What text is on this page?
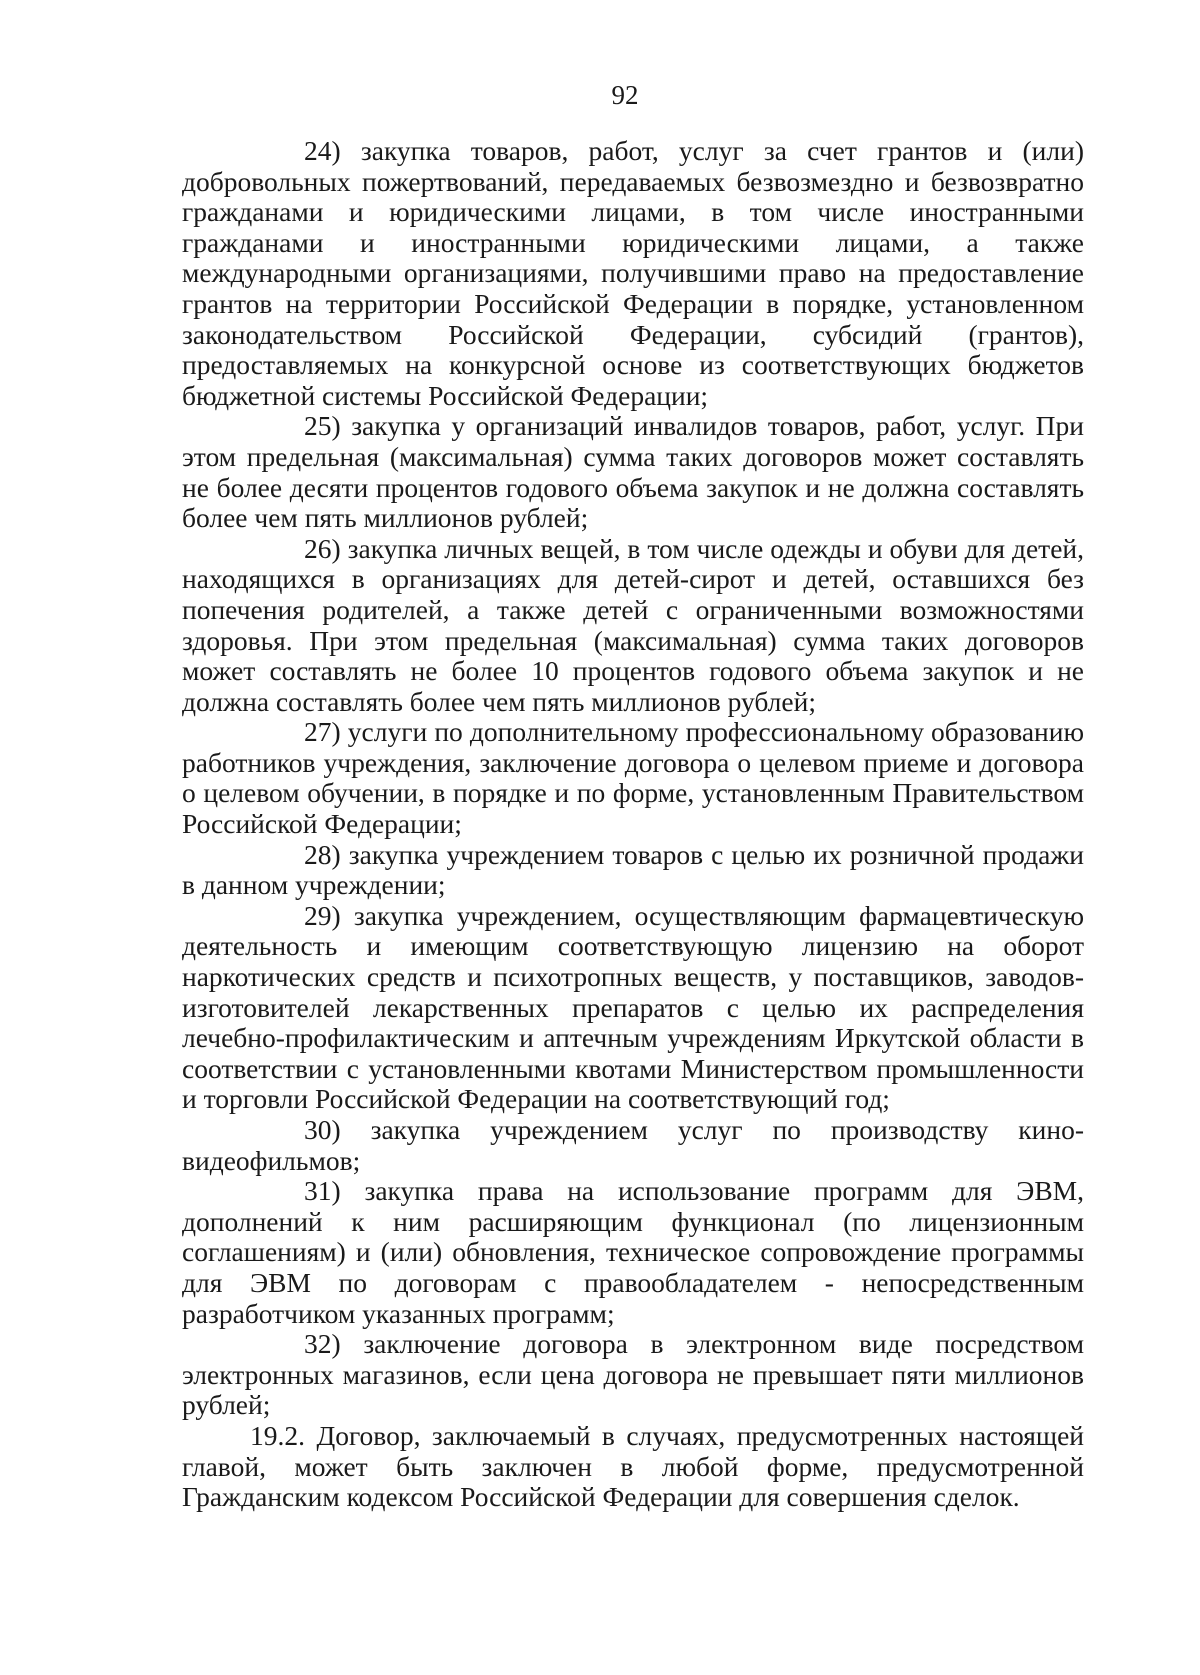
92

24) закупка товаров, работ, услуг за счет грантов и (или) добровольных пожертвований, передаваемых безвозмездно и безвозвратно гражданами и юридическими лицами, в том числе иностранными гражданами и иностранными юридическими лицами, а также международными организациями, получившими право на предоставление грантов на территории Российской Федерации в порядке, установленном законодательством Российской Федерации, субсидий (грантов), предоставляемых на конкурсной основе из соответствующих бюджетов бюджетной системы Российской Федерации;

25) закупка у организаций инвалидов товаров, работ, услуг. При этом предельная (максимальная) сумма таких договоров может составлять не более десяти процентов годового объема закупок и не должна составлять более чем пять миллионов рублей;

26) закупка личных вещей, в том числе одежды и обуви для детей, находящихся в организациях для детей-сирот и детей, оставшихся без попечения родителей, а также детей с ограниченными возможностями здоровья. При этом предельная (максимальная) сумма таких договоров может составлять не более 10 процентов годового объема закупок и не должна составлять более чем пять миллионов рублей;

27) услуги по дополнительному профессиональному образованию работников учреждения, заключение договора о целевом приеме и договора о целевом обучении, в порядке и по форме, установленным Правительством Российской Федерации;

28) закупка учреждением товаров с целью их розничной продажи в данном учреждении;

29) закупка учреждением, осуществляющим фармацевтическую деятельность и имеющим соответствующую лицензию на оборот наркотических средств и психотропных веществ, у поставщиков, заводов-изготовителей лекарственных препаратов с целью их распределения лечебно-профилактическим и аптечным учреждениям Иркутской области в соответствии с установленными квотами Министерством промышленности и торговли Российской Федерации на соответствующий год;

30) закупка учреждением услуг по производству кино-видеофильмов;

31) закупка права на использование программ для ЭВМ, дополнений к ним расширяющим функционал (по лицензионным соглашениям) и (или) обновления, техническое сопровождение программы для ЭВМ по договорам с правообладателем - непосредственным разработчиком указанных программ;

32) заключение договора в электронном виде посредством электронных магазинов, если цена договора не превышает пяти миллионов рублей;

19.2. Договор, заключаемый в случаях, предусмотренных настоящей главой, может быть заключен в любой форме, предусмотренной Гражданским кодексом Российской Федерации для совершения сделок.
